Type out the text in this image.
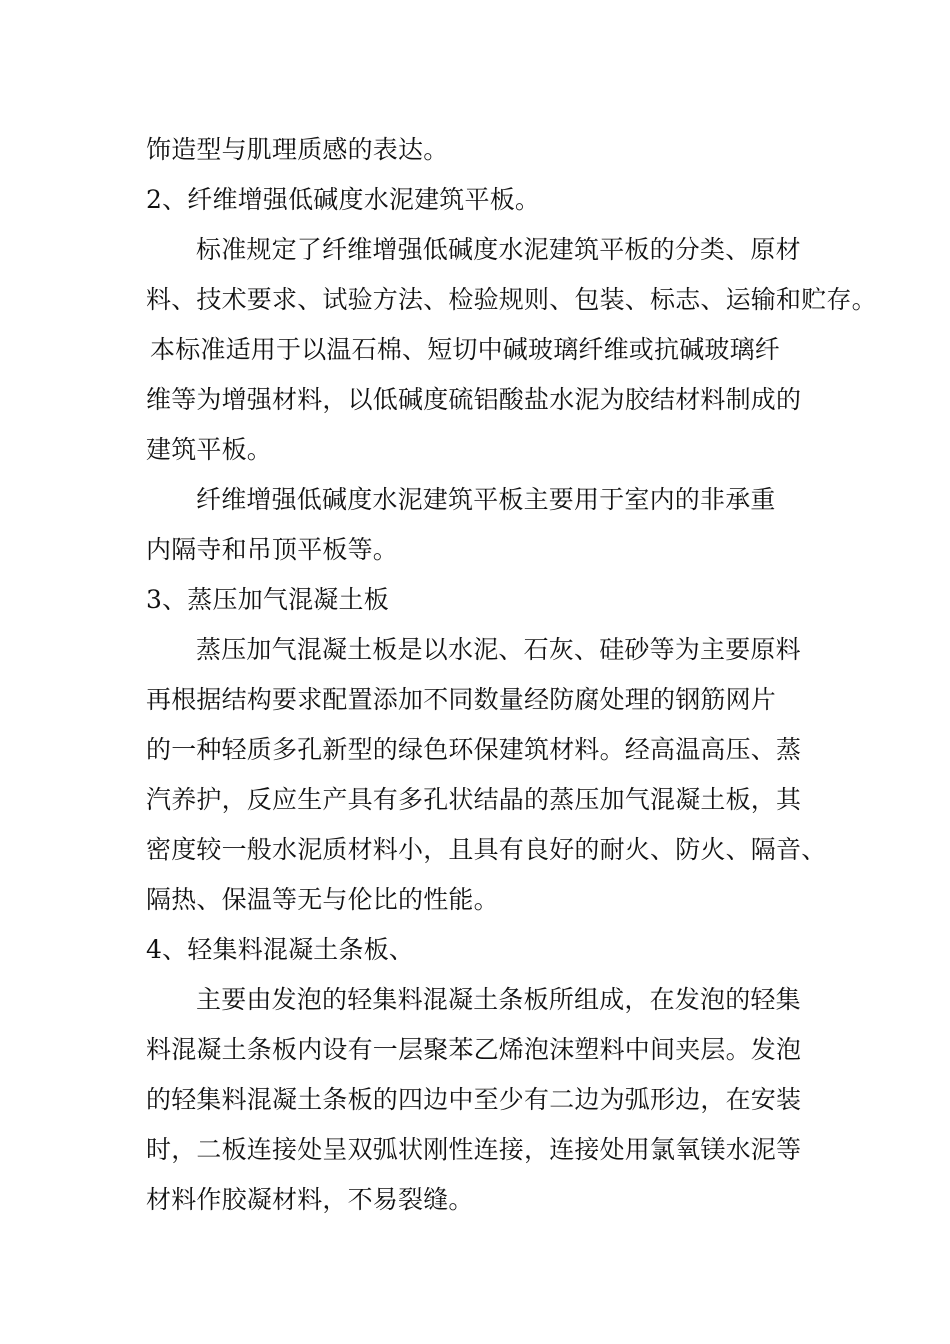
饰造型与肌理质感的表达。
2、纤维增强低碱度水泥建筑平板。
标准规定了纤维增强低碱度水泥建筑平板的分类、原材
料、技术要求、试验方法、检验规则、包装、标志、运输和贮存。
本标准适用于以温石棉、短切中碱玻璃纤维或抗碱玻璃纤
维等为增强材料，以低碱度硫铝酸盐水泥为胶结材料制成的
建筑平板。
纤维增强低碱度水泥建筑平板主要用于室内的非承重
内隔寺和吊顶平板等。
3、蒸压加气混凝土板
蒸压加气混凝土板是以水泥、石灰、硅砂等为主要原料
再根据结构要求配置添加不同数量经防腐处理的钢筋网片
的一种轻质多孔新型的绿色环保建筑材料。经高温高压、蒸
汽养护，反应生产具有多孔状结晶的蒸压加气混凝土板，其
密度较一般水泥质材料小，且具有良好的耐火、防火、隔音、
隔热、保温等无与伦比的性能。
4、轻集料混凝土条板、
主要由发泡的轻集料混凝土条板所组成，在发泡的轻集
料混凝土条板内设有一层聚苯乙烯泡沫塑料中间夹层。发泡
的轻集料混凝土条板的四边中至少有二边为弧形边，在安装
时，二板连接处呈双弧状刚性连接，连接处用氯氧镁水泥等
材料作胶凝材料，不易裂缝。
